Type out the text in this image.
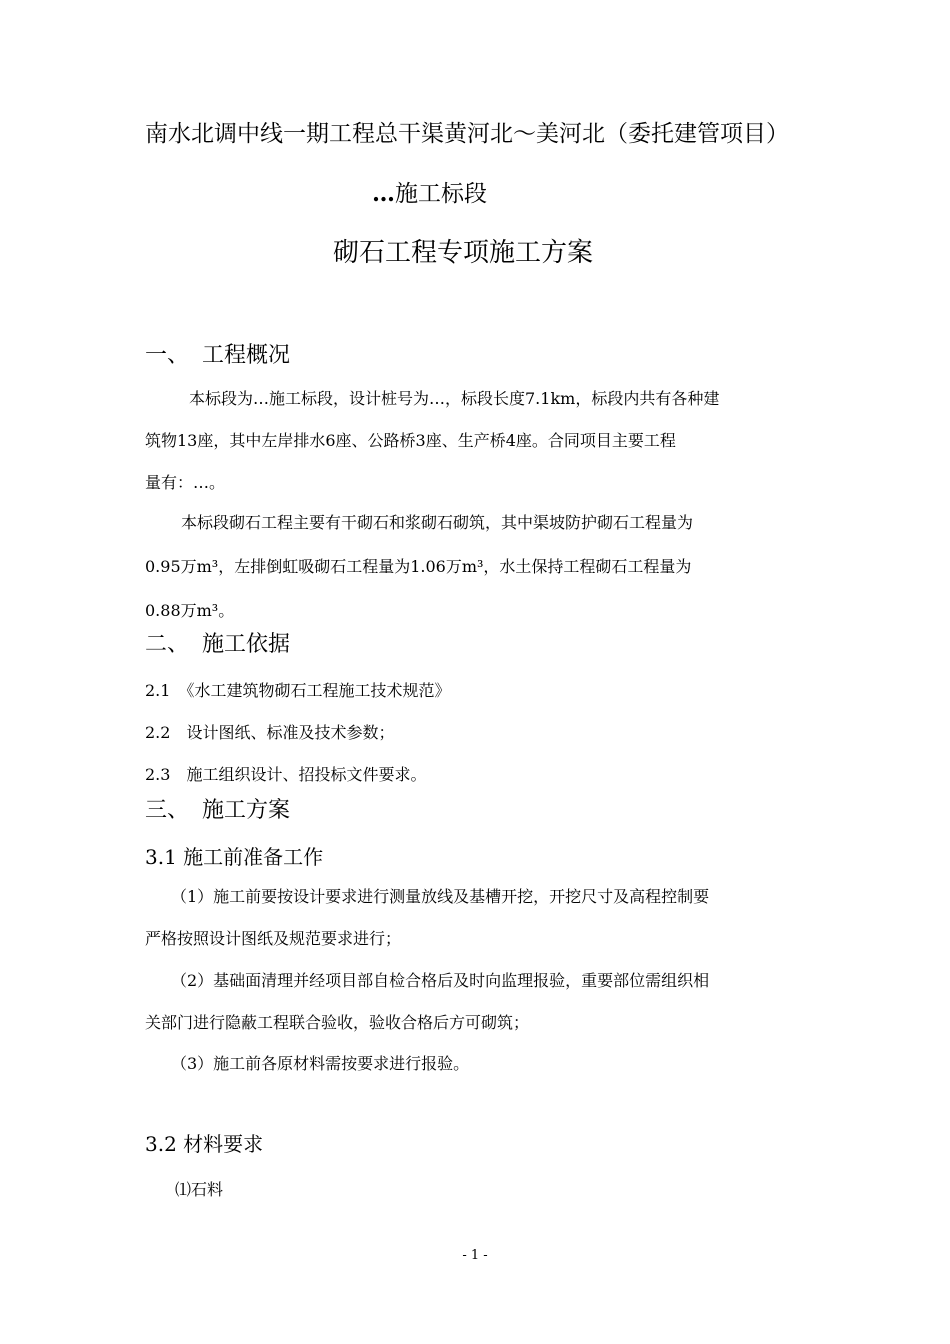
南水北调中线一期工程总干渠黄河北～美河北（委托建管项目）
…施工标段
砌石工程专项施工方案
一、 工程概况
本标段为…施工标段，设计桩号为…，标段长度7.1km，标段内共有各种建
筑物13座，其中左岸排水6座、公路桥3座、生产桥4座。合同项目主要工程
量有：…。
本标段砌石工程主要有干砌石和浆砌石砌筑，其中渠坡防护砌石工程量为
0.95万m³，左排倒虹吸砌石工程量为1.06万m³，水土保持工程砌石工程量为
0.88万m³。
二、 施工依据
2.1　《水工建筑物砌石工程施工技术规范》
2.2　设计图纸、标准及技术参数；
2.3　施工组织设计、招投标文件要求。
三、 施工方案
3.1 施工前准备工作
（1）施工前要按设计要求进行测量放线及基槽开挖，开挖尺寸及高程控制要
严格按照设计图纸及规范要求进行；
（2）基础面清理并经项目部自检合格后及时向监理报验，重要部位需组织相
关部门进行隐蔽工程联合验收，验收合格后方可砌筑；
（3）施工前各原材料需按要求进行报验。
3.2 材料要求
⑴石料
- 1 -
